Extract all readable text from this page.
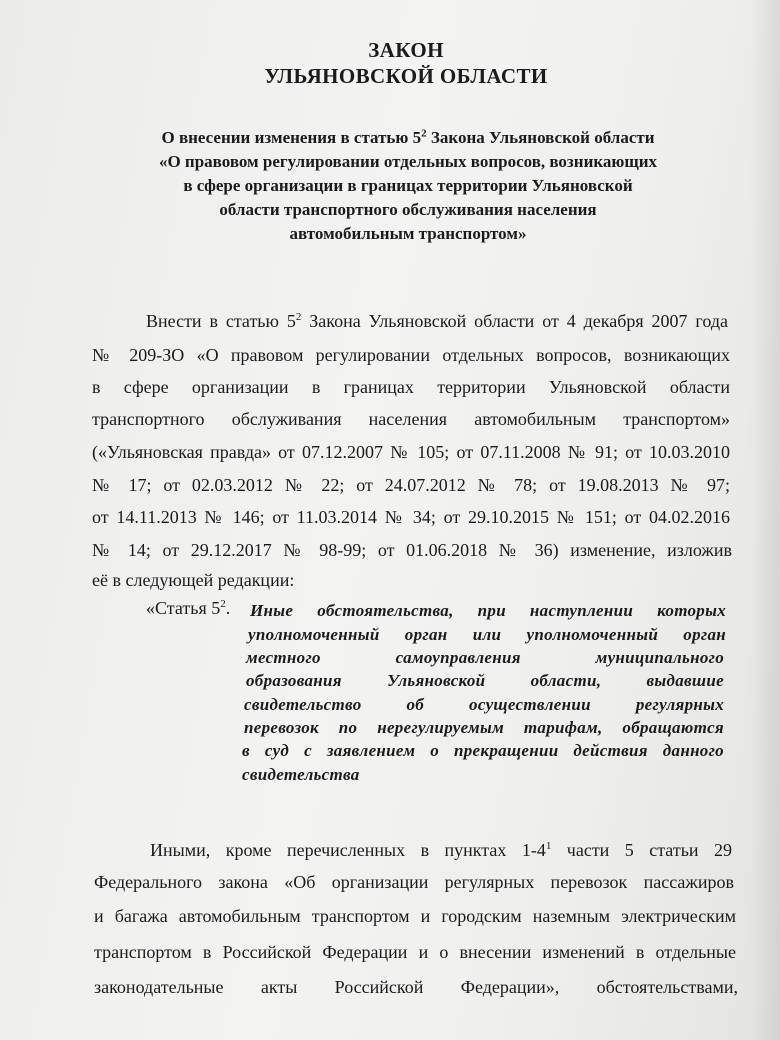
ЗАКОН
УЛЬЯНОВСКОЙ ОБЛАСТИ
О внесении изменения в статью $5^2$ Закона Ульяновской области
«О правовом регулировании отдельных вопросов, возникающих
в сфере организации в границах территории Ульяновской
области транспортного обслуживания населения
автомобильным транспортом»
Внести в статью $5^2$ Закона Ульяновской области от 4 декабря 2007 года
№ 209-ЗО «О правовом регулировании отдельных вопросов, возникающих
в сфере организации в границах территории Ульяновской области
транспортного обслуживания населения автомобильным транспортом»
(«Ульяновская правда» от 07.12.2007 № 105; от 07.11.2008 № 91; от 10.03.2010
№ 17; от 02.03.2012 № 22; от 24.07.2012 № 78; от 19.08.2013 № 97;
от 14.11.2013 № 146; от 11.03.2014 № 34; от 29.10.2015 № 151; от 04.02.2016
№ 14; от 29.12.2017 № 98-99; от 01.06.2018 № 36) изменение, изложив
её в следующей редакции:
«Статья $5^2$. Иные обстоятельства, при наступлении которых
уполномоченный орган или уполномоченный орган
местного самоуправления муниципального
образования Ульяновской области, выдавшие
свидетельство об осуществлении регулярных
перевозок по нерегулируемым тарифам, обращаются
в суд с заявлением о прекращении действия данного
свидетельства
Иными, кроме перечисленных в пунктах $1-4^1$ части 5 статьи 29
Федерального закона «Об организации регулярных перевозок пассажиров
и багажа автомобильным транспортом и городским наземным электрическим
транспортом в Российской Федерации и о внесении изменений в отдельные
законодательные акты Российской Федерации», обстоятельствами,
